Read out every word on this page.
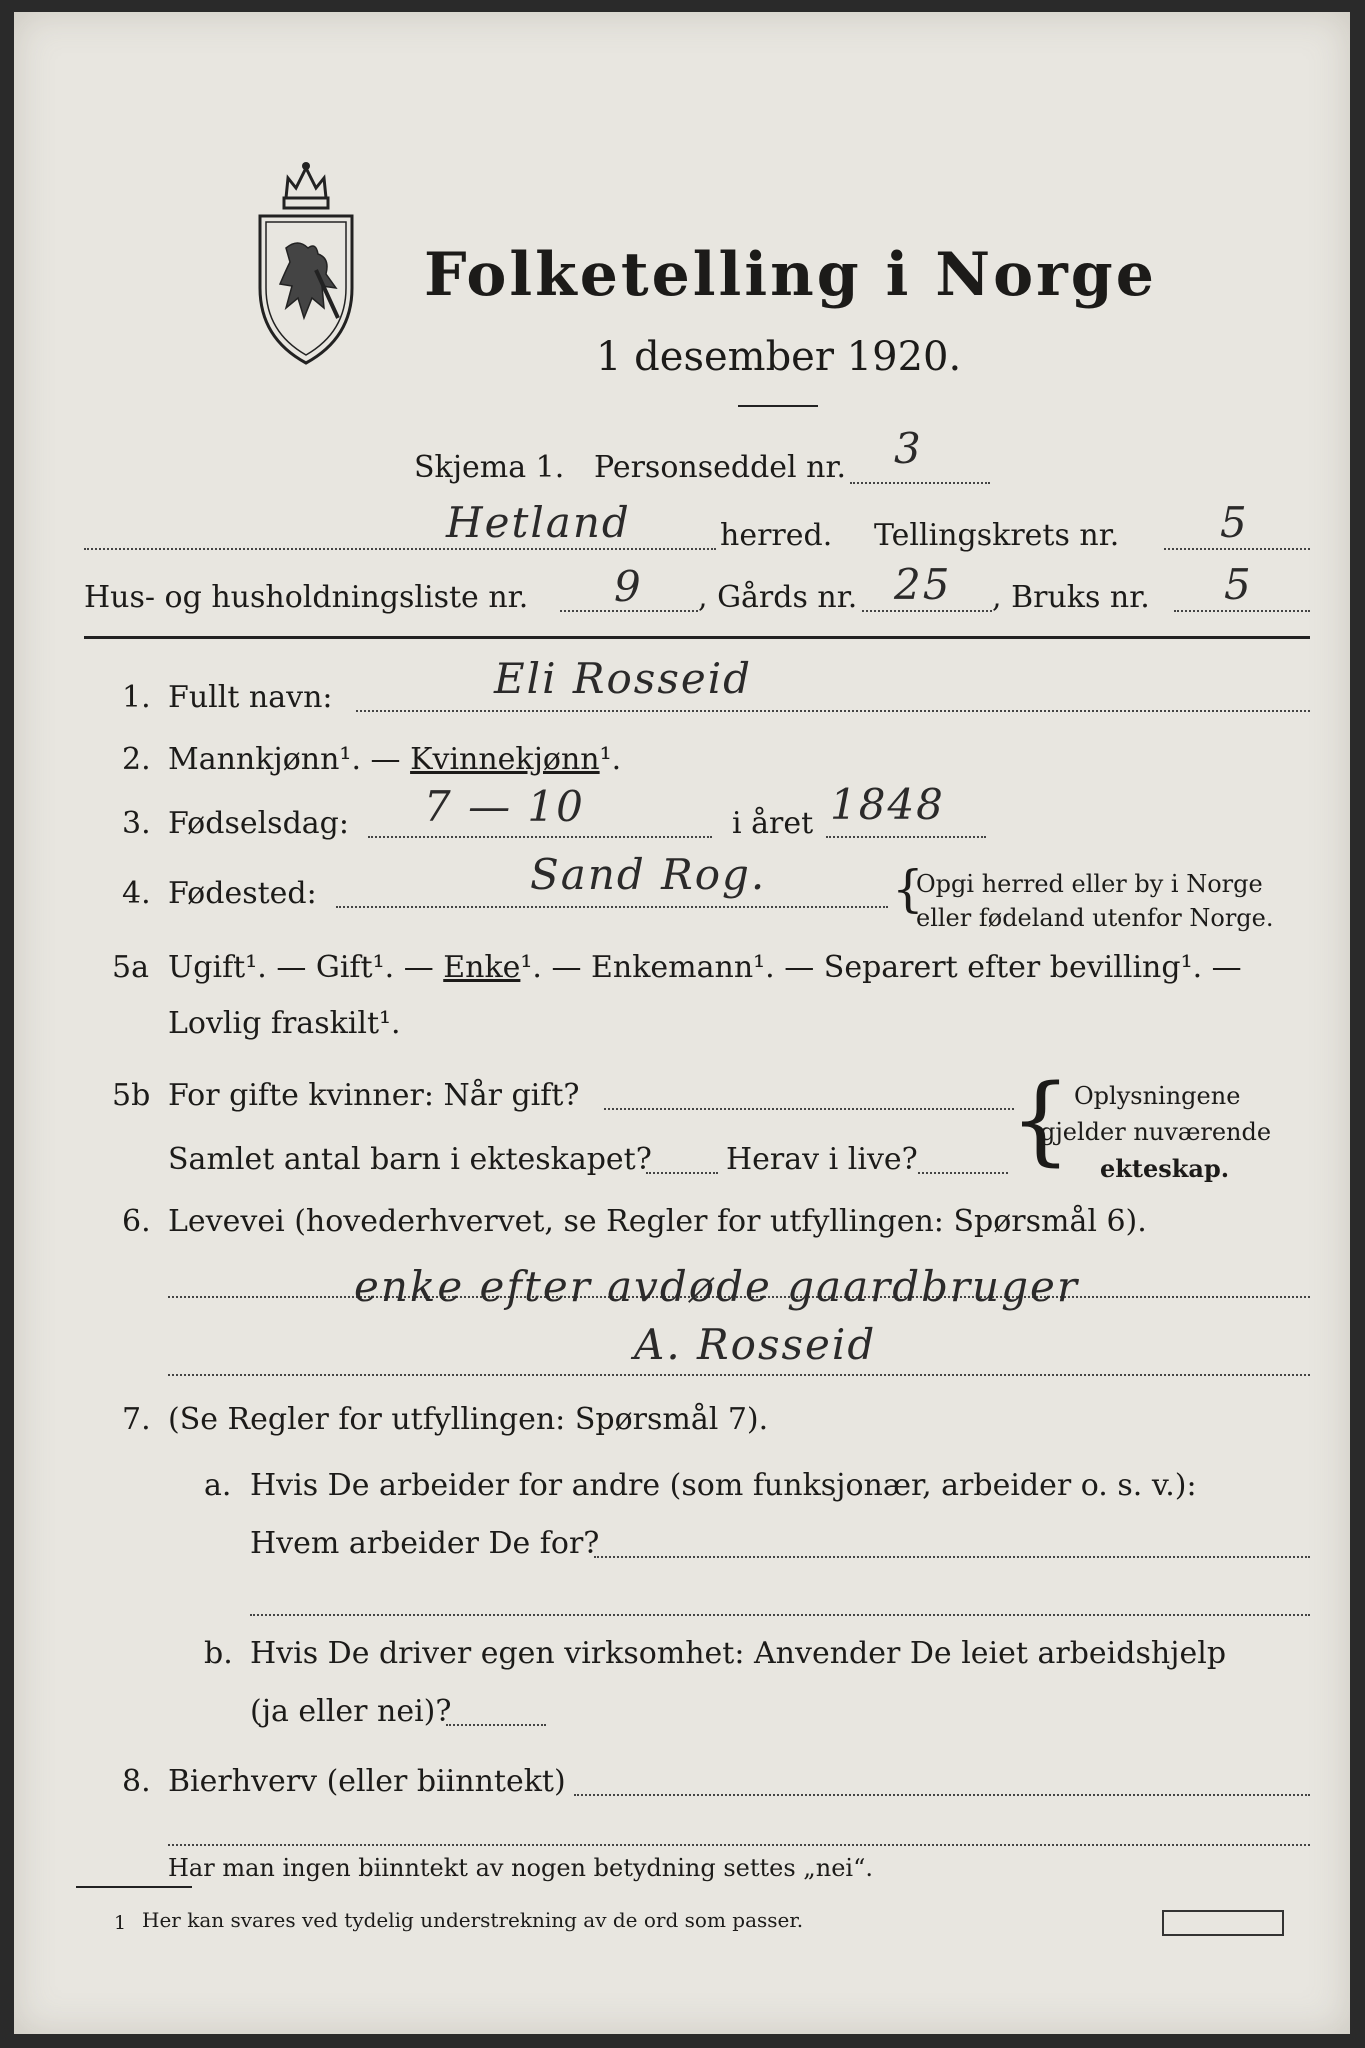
Folketelling i Norge
1 desember 1920.
Skjema 1. Personseddel nr. 3
Hetland	herred. Tellingskrets nr. 5
Hus- og husholdningsliste nr. 9 , Gårds nr. 25 , Bruks nr. 5
1. Fullt navn:	Eli Rosseid
2. Mannkjønn¹. — Kvinnekjønn¹.
3. Fødselsdag: 7 — 10	i året 1848
4. Fødested:	Sand Rog.	{
Opgi herred eller by i Norge
eller fødeland utenfor Norge.
5a Ugift¹. — Gift¹. — Enke¹. — Enkemann¹. — Separert efter bevilling¹. —
Lovlig fraskilt¹.
5b For gifte kvinner: Når gift?
Samlet antal barn i ekteskapet? Herav i live? { Oplysningene
gjelder nuværende
ekteskap.
6. Levevei (hovederhvervet, se Regler for utfyllingen: Spørsmål 6).
enke efter avdøde gaardbruger
A. Rosseid
7. (Se Regler for utfyllingen: Spørsmål 7).
a. Hvis De arbeider for andre (som funksjonær, arbeider o. s. v.):
Hvem arbeider De for?
b. Hvis De driver egen virksomhet: Anvender De leiet arbeidshjelp
(ja eller nei)?
8. Bierhverv (eller biinntekt)
Har man ingen biinntekt av nogen betydning settes „nei“.
1 Her kan svares ved tydelig understrekning av de ord som passer.
